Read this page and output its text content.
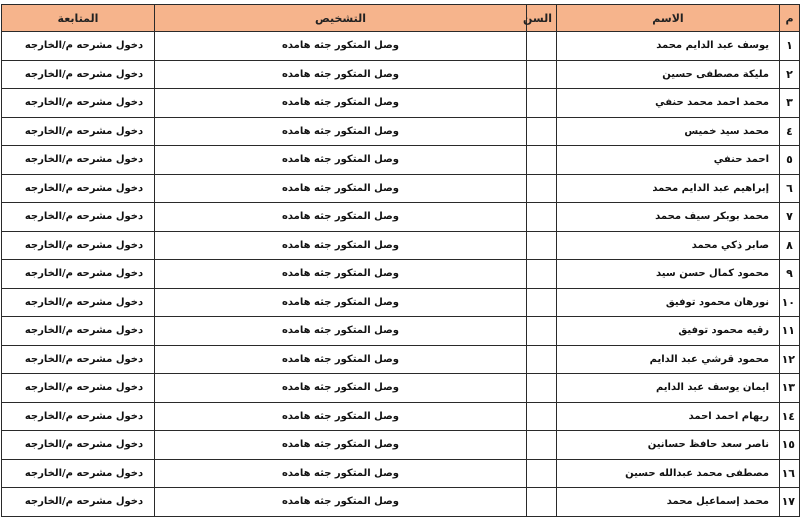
م	الاسم	السن	التشخيص	المتابعة
١	يوسف عبد الدايم محمد		وصل المتكور جثه هامده	دخول مشرحه م/الخارجه
٢	مليكة مصطفى حسين		وصل المتكور جثه هامده	دخول مشرحه م/الخارجه
٣	محمد احمد محمد حنفي		وصل المتكور جثه هامده	دخول مشرحه م/الخارجه
٤	محمد سيد خميس		وصل المتكور جثه هامده	دخول مشرحه م/الخارجه
٥	احمد حنفي		وصل المتكور جثه هامده	دخول مشرحه م/الخارجه
٦	إبراهيم عبد الدايم محمد		وصل المتكور جثه هامده	دخول مشرحه م/الخارجه
٧	محمد بوبكر سيف محمد		وصل المتكور جثه هامده	دخول مشرحه م/الخارجه
٨	صابر ذكي محمد		وصل المتكور جثه هامده	دخول مشرحه م/الخارجه
٩	محمود كمال حسن سيد		وصل المتكور جثه هامده	دخول مشرحه م/الخارجه
١٠	نورهان محمود توفيق		وصل المتكور جثه هامده	دخول مشرحه م/الخارجه
١١	رقيه محمود توفيق		وصل المتكور جثه هامده	دخول مشرحه م/الخارجه
١٢	محمود قرشي عبد الدايم		وصل المتكور جثه هامده	دخول مشرحه م/الخارجه
١٣	ايمان يوسف عبد الدايم		وصل المتكور جثه هامده	دخول مشرحه م/الخارجه
١٤	ريهام احمد احمد		وصل المتكور جثه هامده	دخول مشرحه م/الخارجه
١٥	ناصر سعد حافظ حسانين		وصل المتكور جثه هامده	دخول مشرحه م/الخارجه
١٦	مصطفى محمد عبدالله حسين		وصل المتكور جثه هامده	دخول مشرحه م/الخارجه
١٧	محمد إسماعيل محمد		وصل المتكور جثه هامده	دخول مشرحه م/الخارجه
